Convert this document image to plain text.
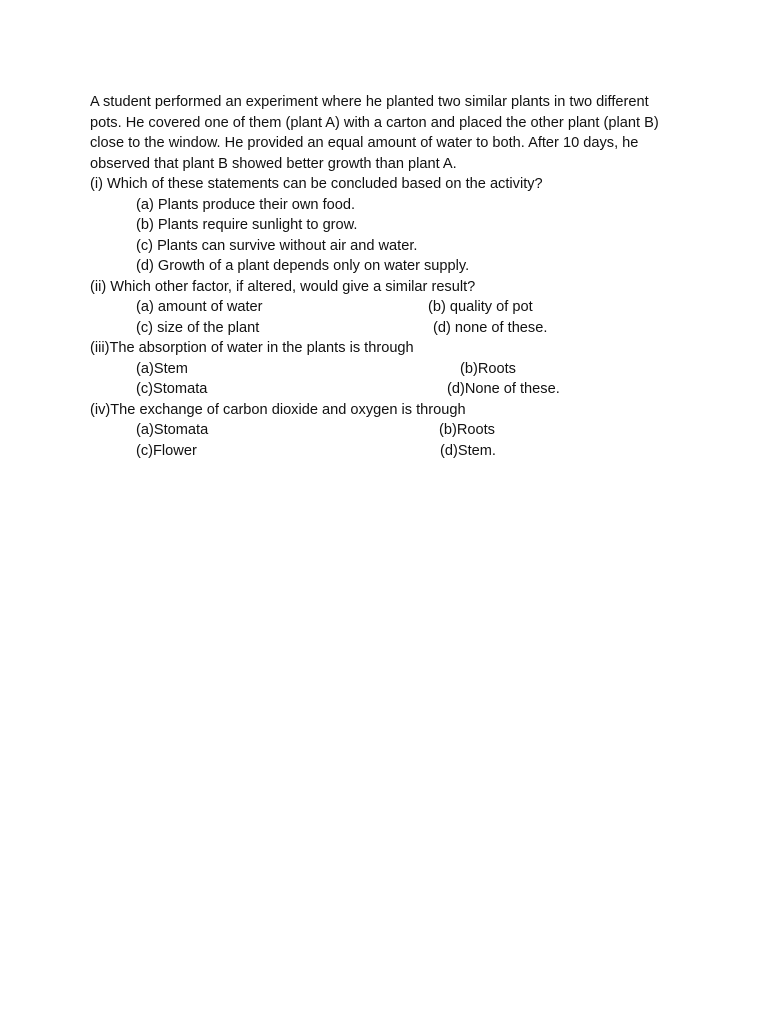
A student performed an experiment where he planted two similar plants in two different
pots. He covered one of them (plant A) with a carton and placed the other plant (plant B)
close to the window. He provided an equal amount of water to both. After 10 days, he
observed that plant B showed better growth than plant A.
(i) Which of these statements can be concluded based on the activity?
(a) Plants produce their own food.
(b) Plants require sunlight to grow.
(c) Plants can survive without air and water.
(d) Growth of a plant depends only on water supply.
(ii) Which other factor, if altered, would give a similar result?
(a) amount of water	(b) quality of pot
(c) size of the plant	(d) none of these.
(iii)The absorption of water in the plants is through
(a)Stem	(b)Roots
(c)Stomata	(d)None of these.
(iv)The exchange of carbon dioxide and oxygen is through
(a)Stomata	(b)Roots
(c)Flower	(d)Stem.
